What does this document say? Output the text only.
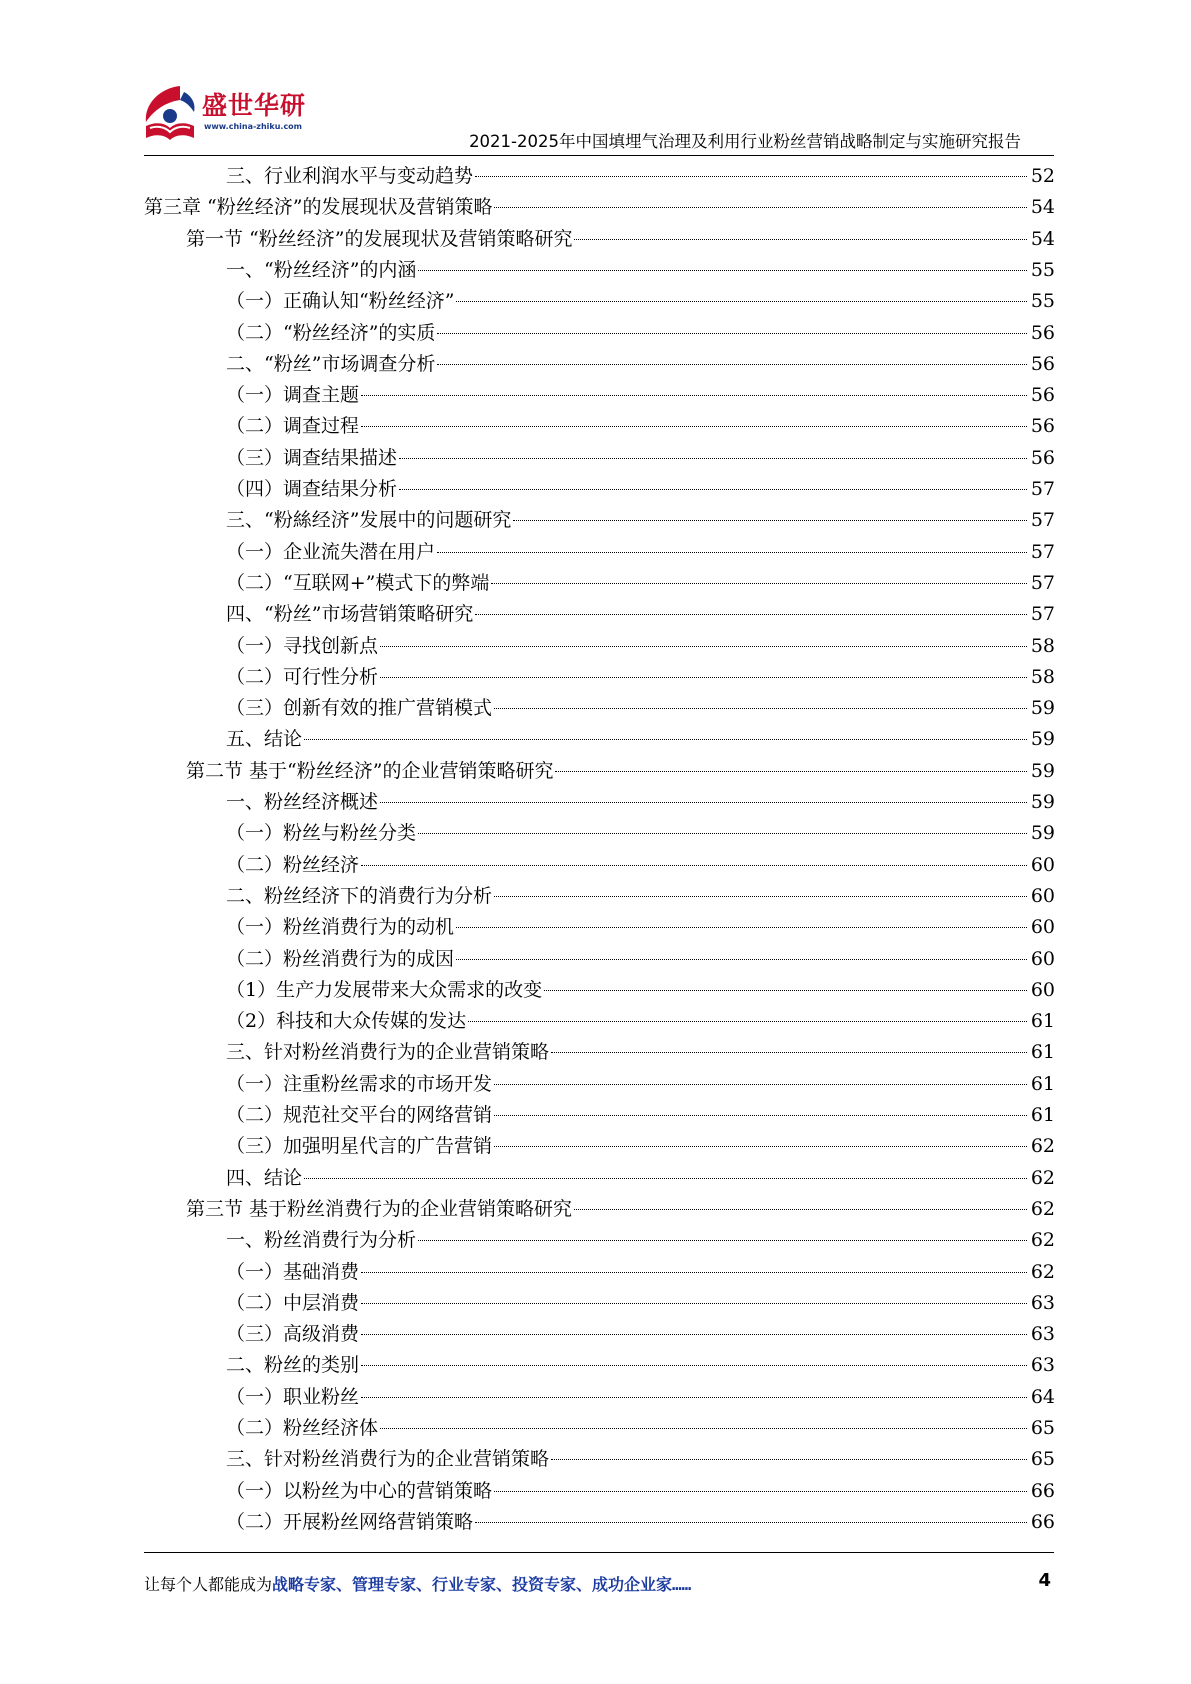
盛世华研
www.china-zhiku.com
2021-2025年中国填埋气治理及利用行业粉丝营销战略制定与实施研究报告
三、行业利润水平与变动趋势	52
第三章 “粉丝经济”的发展现状及营销策略	54
第一节 “粉丝经济”的发展现状及营销策略研究	54
一、“粉丝经济”的内涵	55
（一）正确认知“粉丝经济”	55
（二）“粉丝经济”的实质	56
二、“粉丝”市场调查分析	56
（一）调查主题	56
（二）调查过程	56
（三）调查结果描述	56
（四）调查结果分析	57
三、“粉絲经济”发展中的问题研究	57
（一）企业流失潜在用户	57
（二）“互联网+”模式下的弊端	57
四、“粉丝”市场营销策略研究	57
（一）寻找创新点	58
（二）可行性分析	58
（三）创新有效的推广营销模式	59
五、结论	59
第二节 基于“粉丝经济”的企业营销策略研究	59
一、粉丝经济概述	59
（一）粉丝与粉丝分类	59
（二）粉丝经济	60
二、粉丝经济下的消费行为分析	60
（一）粉丝消费行为的动机	60
（二）粉丝消费行为的成因	60
（1）生产力发展带来大众需求的改变	60
（2）科技和大众传媒的发达	61
三、针对粉丝消费行为的企业营销策略	61
（一）注重粉丝需求的市场开发	61
（二）规范社交平台的网络营销	61
（三）加强明星代言的广告营销	62
四、结论	62
第三节 基于粉丝消费行为的企业营销策略研究	62
一、粉丝消费行为分析	62
（一）基础消费	62
（二）中层消费	63
（三）高级消费	63
二、粉丝的类别	63
（一）职业粉丝	64
（二）粉丝经济体	65
三、针对粉丝消费行为的企业营销策略	65
（一）以粉丝为中心的营销策略	66
（二）开展粉丝网络营销策略	66
让每个人都能成为战略专家、管理专家、行业专家、投资专家、成功企业家……	4
